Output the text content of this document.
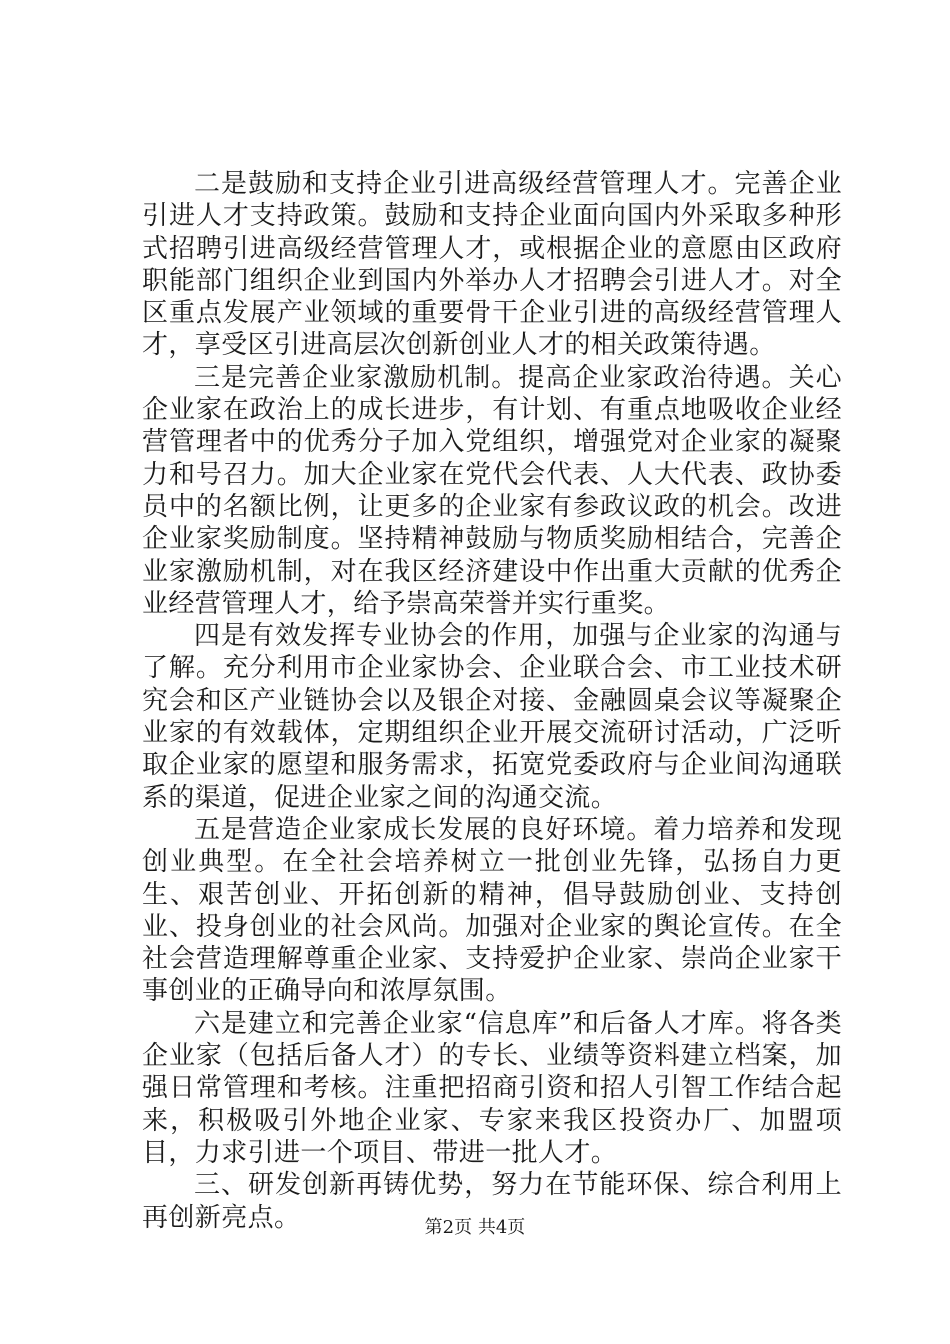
二是鼓励和支持企业引进高级经营管理人才。完善企业引进人才支持政策。鼓励和支持企业面向国内外采取多种形式招聘引进高级经营管理人才，或根据企业的意愿由区政府职能部门组织企业到国内外举办人才招聘会引进人才。对全区重点发展产业领域的重要骨干企业引进的高级经营管理人才，享受区引进高层次创新创业人才的相关政策待遇。

三是完善企业家激励机制。提高企业家政治待遇。关心企业家在政治上的成长进步，有计划、有重点地吸收企业经营管理者中的优秀分子加入党组织，增强党对企业家的凝聚力和号召力。加大企业家在党代会代表、人大代表、政协委员中的名额比例，让更多的企业家有参政议政的机会。改进企业家奖励制度。坚持精神鼓励与物质奖励相结合，完善企业家激励机制，对在我区经济建设中作出重大贡献的优秀企业经营管理人才，给予崇高荣誉并实行重奖。

四是有效发挥专业协会的作用，加强与企业家的沟通与了解。充分利用市企业家协会、企业联合会、市工业技术研究会和区产业链协会以及银企对接、金融圆桌会议等凝聚企业家的有效载体，定期组织企业开展交流研讨活动，广泛听取企业家的愿望和服务需求，拓宽党委政府与企业间沟通联系的渠道，促进企业家之间的沟通交流。

五是营造企业家成长发展的良好环境。着力培养和发现创业典型。在全社会培养树立一批创业先锋，弘扬自力更生、艰苦创业、开拓创新的精神，倡导鼓励创业、支持创业、投身创业的社会风尚。加强对企业家的舆论宣传。在全社会营造理解尊重企业家、支持爱护企业家、崇尚企业家干事创业的正确导向和浓厚氛围。

六是建立和完善企业家“信息库”和后备人才库。将各类企业家（包括后备人才）的专长、业绩等资料建立档案，加强日常管理和考核。注重把招商引资和招人引智工作结合起来，积极吸引外地企业家、专家来我区投资办厂、加盟项目，力求引进一个项目、带进一批人才。

三、研发创新再铸优势，努力在节能环保、综合利用上再创新亮点。	第2页 共4页
